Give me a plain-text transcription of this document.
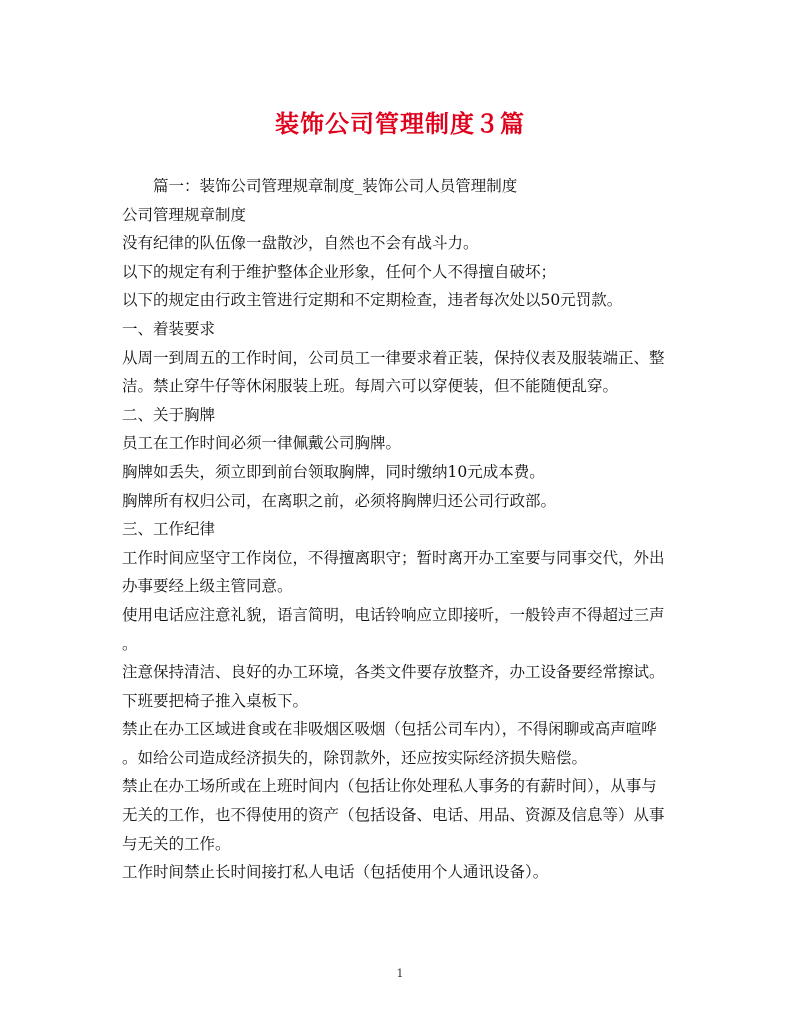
装饰公司管理制度３篇

篇一：装饰公司管理规章制度_装饰公司人员管理制度

公司管理规章制度

没有纪律的队伍像一盘散沙，自然也不会有战斗力。

以下的规定有利于维护整体企业形象，任何个人不得擅自破坏；

以下的规定由行政主管进行定期和不定期检查，违者每次处以50元罚款。

一、着装要求

从周一到周五的工作时间，公司员工一律要求着正装，保持仪表及服装端正、整

洁。禁止穿牛仔等休闲服装上班。每周六可以穿便装，但不能随便乱穿。

二、关于胸牌

员工在工作时间必须一律佩戴公司胸牌。

胸牌如丢失，须立即到前台领取胸牌，同时缴纳10元成本费。

胸牌所有权归公司，在离职之前，必须将胸牌归还公司行政部。

三、工作纪律

工作时间应坚守工作岗位，不得擅离职守；暂时离开办工室要与同事交代，外出

办事要经上级主管同意。

使用电话应注意礼貌，语言简明，电话铃响应立即接听，一般铃声不得超过三声

。

注意保持清洁、良好的办工环境，各类文件要存放整齐，办工设备要经常擦试。

下班要把椅子推入桌板下。

禁止在办工区域进食或在非吸烟区吸烟（包括公司车内），不得闲聊或高声喧哗

。如给公司造成经济损失的，除罚款外，还应按实际经济损失赔偿。

禁止在办工场所或在上班时间内（包括让你处理私人事务的有薪时间），从事与

无关的工作，也不得使用的资产（包括设备、电话、用品、资源及信息等）从事

与无关的工作。

工作时间禁止长时间接打私人电话（包括使用个人通讯设备）。

1
